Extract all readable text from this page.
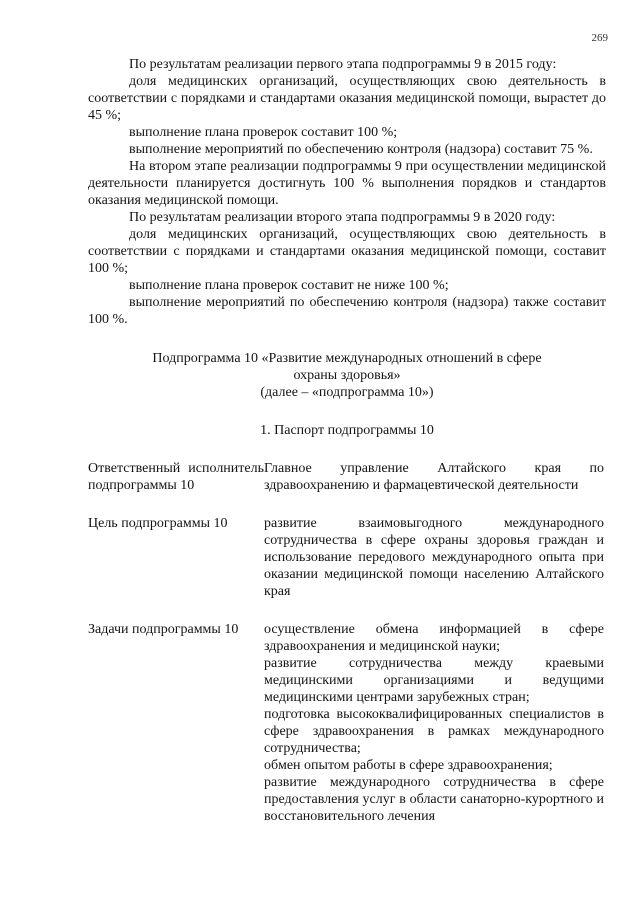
269

По результатам реализации первого этапа подпрограммы 9 в 2015 году:

доля медицинских организаций, осуществляющих свою деятельность в соответствии с порядками и стандартами оказания медицинской помощи, вырастет до 45 %;

выполнение плана проверок составит 100 %;

выполнение мероприятий по обеспечению контроля (надзора) составит 75 %.

На втором этапе реализации подпрограммы 9 при осуществлении медицинской деятельности планируется достигнуть 100 % выполнения порядков и стандартов оказания медицинской помощи.

По результатам реализации второго этапа подпрограммы 9 в 2020 году:

доля медицинских организаций, осуществляющих свою деятельность в соответствии с порядками и стандартами оказания медицинской помощи, составит 100 %;

выполнение плана проверок составит не ниже 100 %;

выполнение мероприятий по обеспечению контроля (надзора) также составит 100 %.

Подпрограмма 10 «Развитие международных отношений в сфере

охраны здоровья»

(далее – «подпрограмма 10»)

1. Паспорт подпрограммы 10

Ответственный исполнитель подпрограммы 10
Главное управление Алтайского края по здравоохранению и фармацевтической деятельности
Цель подпрограммы 10	развитие взаимовыгодного международного сотрудничества в сфере охраны здоровья граждан и использование передового международного опыта при оказании медицинской помощи населению Алтайского края
Задачи подпрограммы 10	осуществление обмена информацией в сфере здравоохранения и медицинской науки;
развитие сотрудничества между краевыми медицинскими организациями и ведущими медицинскими центрами зарубежных стран;
подготовка высококвалифицированных специалистов в сфере здравоохранения в рамках международного сотрудничества;
обмен опытом работы в сфере здравоохранения;
развитие международного сотрудничества в сфере предоставления услуг в области санаторно-курортного и восстановительного лечения
